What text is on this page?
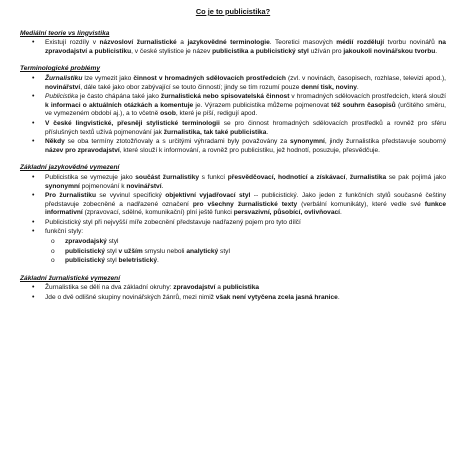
Co je to publicistika?
Mediální teorie vs lingvistika
• Existují rozdíly v názvosloví žurnalistické a jazykovědné terminologie. Teoretici masových médií rozdělují tvorbu novinářů na zpravodajství a publicistiku, v české stylistice je název publicistika a publicistický styl užíván pro jakoukoli novinářskou tvorbu.
Terminologické problémy
• Žurnalistiku lze vymezit jako činnost v hromadných sdělovacích prostředcích (zvl. v novinách, časopisech, rozhlase, televizi apod.), novinářství, dále také jako obor zabývající se touto činností; jindy se tím rozumí pouze denní tisk, noviny.
• Publicistika je často chápána také jako žurnalistická nebo spisovatelská činnost v hromadných sdělovacích prostředcích, která slouží k informaci o aktuálních otázkách a komentuje je. Výrazem publicistika můžeme pojmenovat též souhrn časopisů (určitého směru, ve vymezeném období aj.), a to včetně osob, které je píší, redigují apod.
• V české lingvistické, přesněji stylistické terminologii se pro činnost hromadných sdělovacích prostředků a rovněž pro sféru příslušných textů užívá pojmenování jak žurnalistika, tak také publicistika.
• Někdy se oba termíny ztotožňovaly a s určitými výhradami byly považovány za synonymní, jindy žurnalistika představuje souborný název pro zpravodajství, které slouží k informování, a rovněž pro publicistiku, jež hodnotí, posuzuje, přesvědčuje.
Základní jazykovědné vymezení
• Publicistika se vymezuje jako součást žurnalistiky s funkcí přesvědčovací, hodnotící a získávací, žurnalistika se pak pojímá jako synonymní pojmenování k novinářství.
• Pro žurnalistiku se vyvinul specifický objektivní vyjadřovací styl -- publicistický. Jako jeden z funkčních stylů současné češtiny představuje zobecněné a nadřazené označení pro všechny žurnalistické texty (verbální komunikáty), které vedle své funkce informativní (zpravovací, sdělné, komunikační) plní ještě funkci persvazivní, působící, ovlivňovací.
• Publicistický styl při nejvyšší míře zobecnění představuje nadřazený pojem pro tyto dílčí
• funkční styly:
o zpravodajský styl
o publicistický styl v užším smyslu neboli analytický styl
o publicistický styl beletristický.
Základní žurnalistické vymezení
• Žurnalistika se dělí na dva základní okruhy: zpravodajství a publicistika
• Jde o dvě odlišné skupiny novinářských žánrů, mezi nimiž však není vytyčena zcela jasná hranice.
